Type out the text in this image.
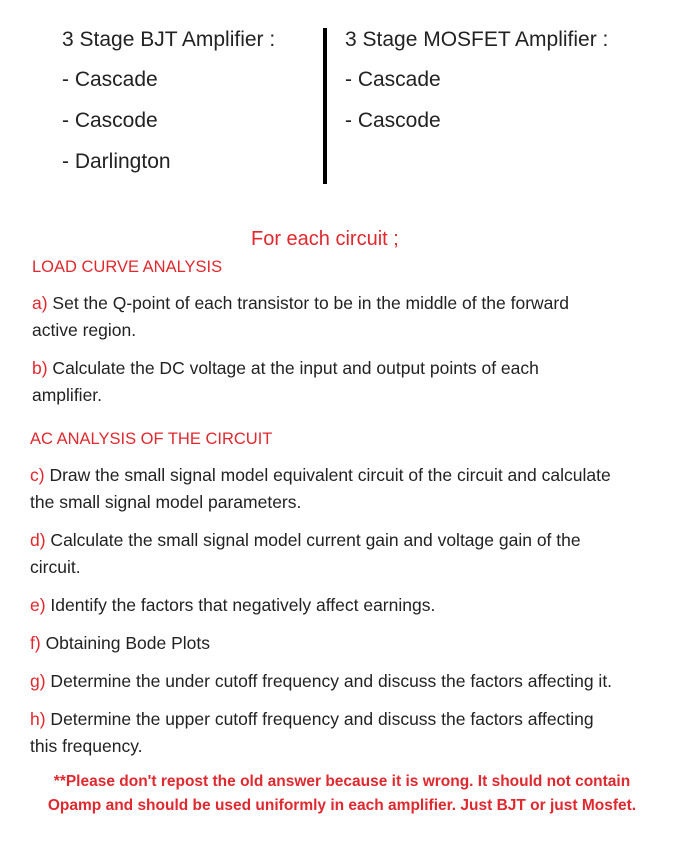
3 Stage BJT Amplifier :
- Cascade
- Cascode
- Darlington
3 Stage MOSFET Amplifier :
- Cascade
- Cascode
For each circuit ;
LOAD CURVE ANALYSIS
a) Set the Q-point of each transistor to be in the middle of the forward
active region.
b) Calculate the DC voltage at the input and output points of each
amplifier.
AC ANALYSIS OF THE CIRCUIT
c) Draw the small signal model equivalent circuit of the circuit and calculate
the small signal model parameters.
d) Calculate the small signal model current gain and voltage gain of the
circuit.
e) Identify the factors that negatively affect earnings.
f) Obtaining Bode Plots
g) Determine the under cutoff frequency and discuss the factors affecting it.
h) Determine the upper cutoff frequency and discuss the factors affecting
this frequency.
**Please don't repost the old answer because it is wrong. It should not contain
Opamp and should be used uniformly in each amplifier. Just BJT or just Mosfet.
